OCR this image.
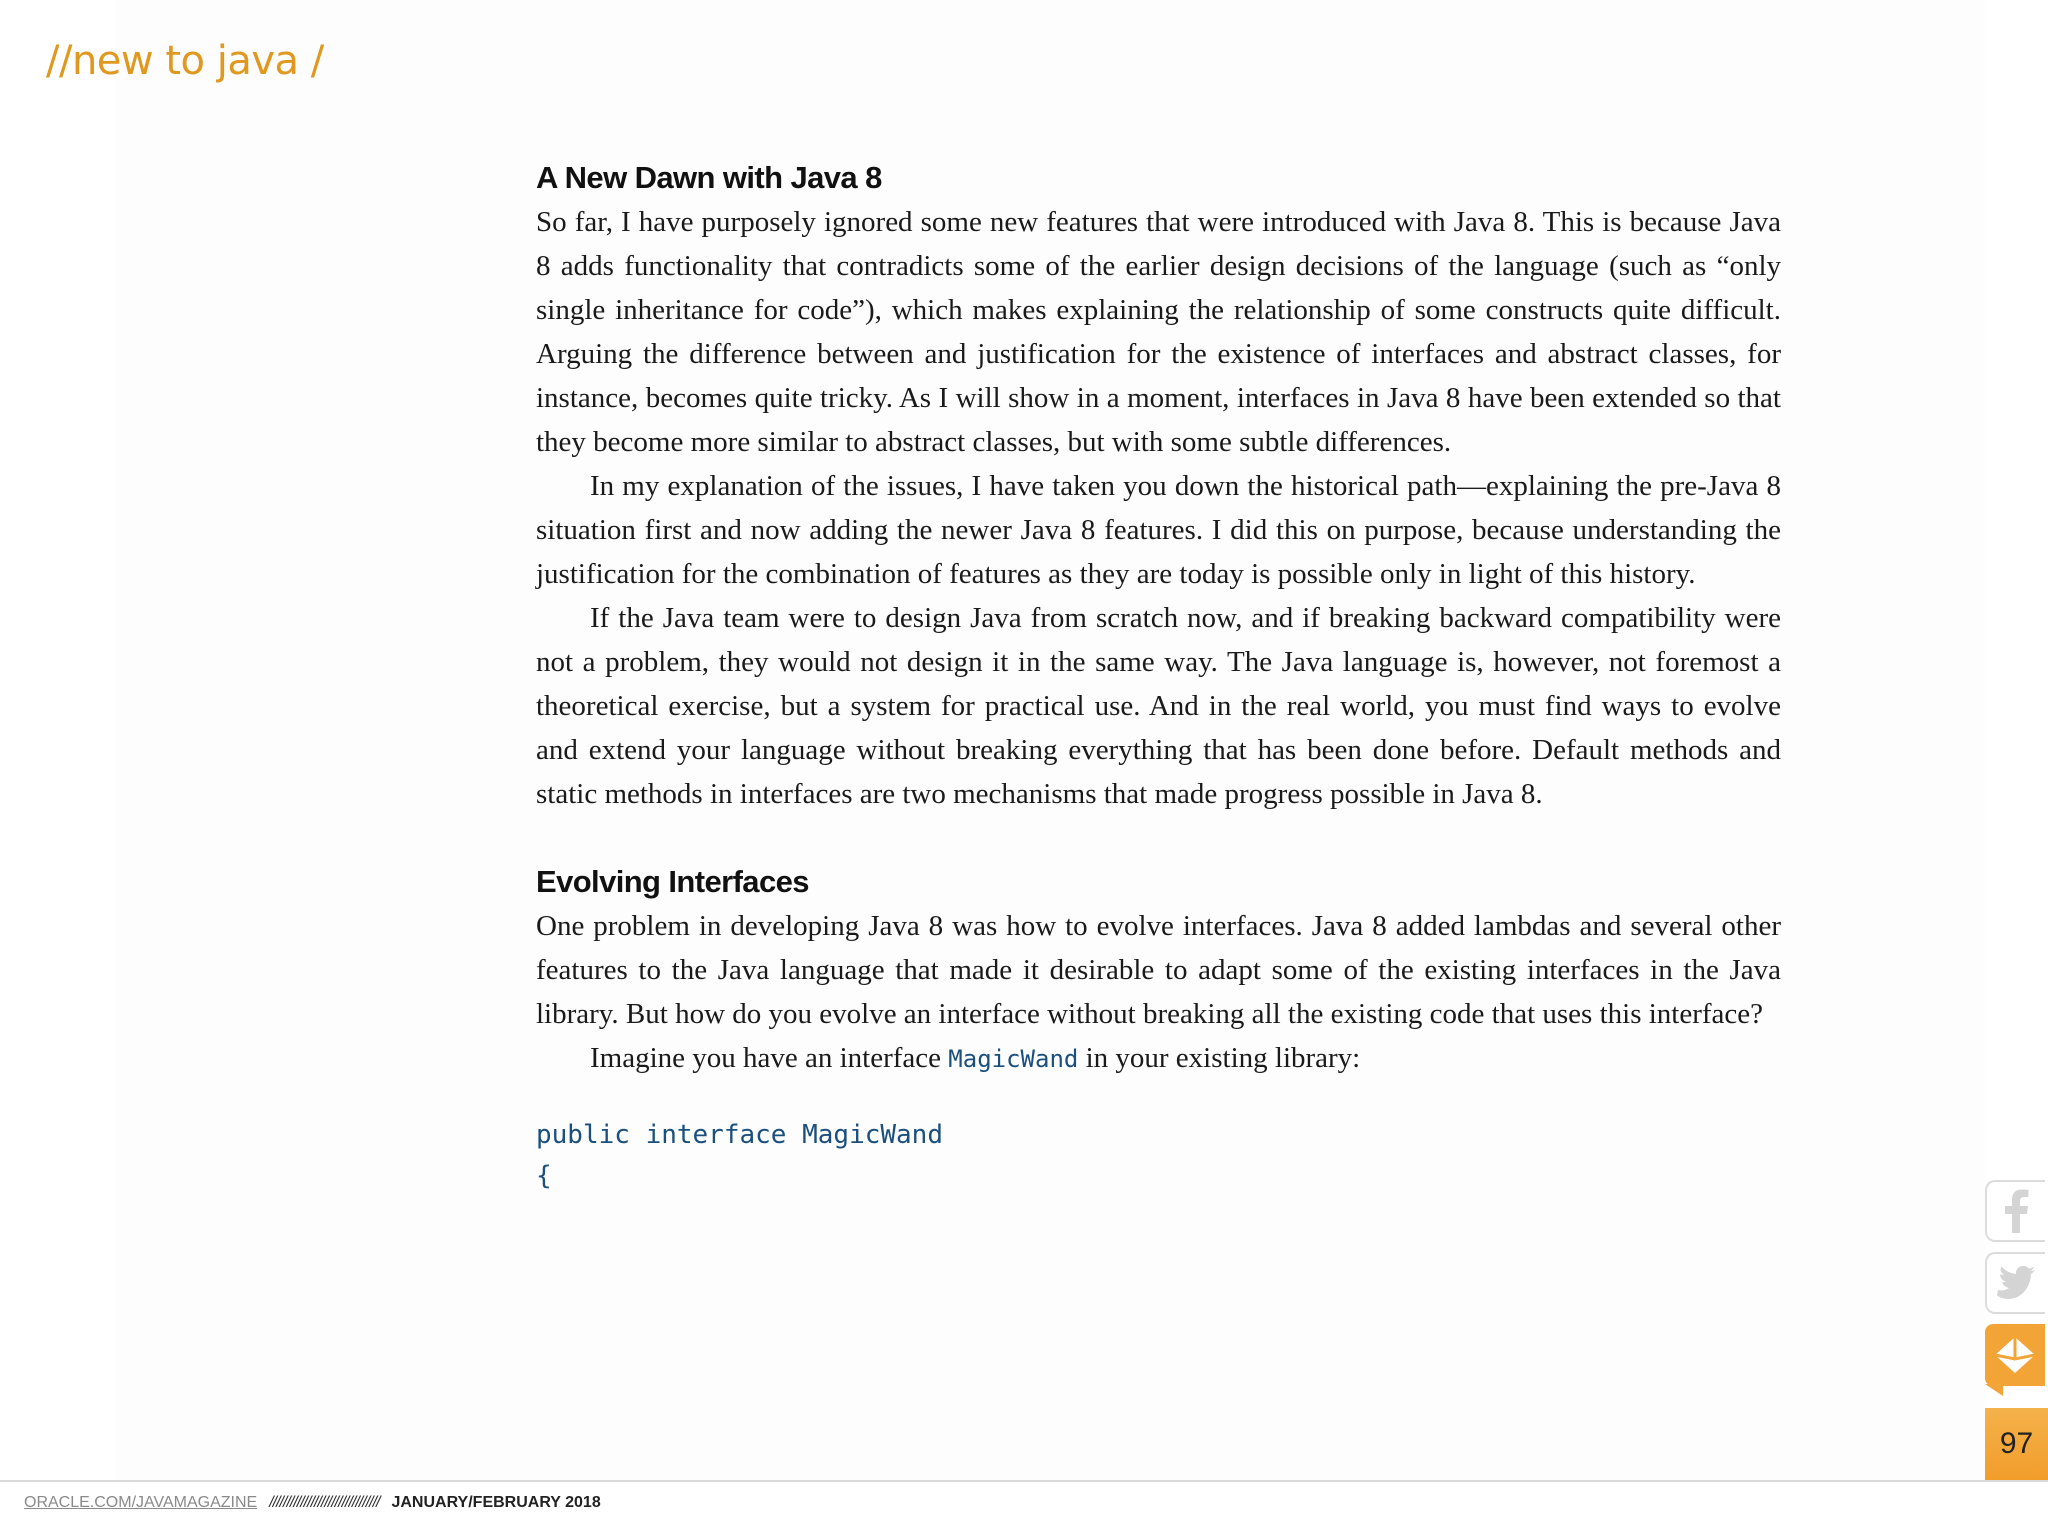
//new to java /
A New Dawn with Java 8

So far, I have purposely ignored some new features that were introduced with Java 8. This is because Java 8 adds functionality that contradicts some of the earlier design decisions of the language (such as “only single inheritance for code”), which makes explaining the relationship of some constructs quite difficult. Arguing the difference between and justification for the existence of interfaces and abstract classes, for instance, becomes quite tricky. As I will show in a moment, interfaces in Java 8 have been extended so that they become more similar to abstract classes, but with some subtle differences.

In my explanation of the issues, I have taken you down the historical path—explaining the pre-Java 8 situation first and now adding the newer Java 8 features. I did this on purpose, because understanding the justification for the combination of features as they are today is possible only in light of this history.

If the Java team were to design Java from scratch now, and if breaking backward compatibility were not a problem, they would not design it in the same way. The Java language is, however, not foremost a theoretical exercise, but a system for practical use. And in the real world, you must find ways to evolve and extend your language without breaking everything that has been done before. Default methods and static methods in interfaces are two mechanisms that made progress possible in Java 8.

Evolving Interfaces

One problem in developing Java 8 was how to evolve interfaces. Java 8 added lambdas and several other features to the Java language that made it desirable to adapt some of the existing interfaces in the Java library. But how do you evolve an interface without breaking all the existing code that uses this interface?

Imagine you have an interface MagicWand in your existing library:

public interface MagicWand
{
97
ORACLE.COM/JAVAMAGAZINE //////////////////////////////// JANUARY/FEBRUARY 2018
